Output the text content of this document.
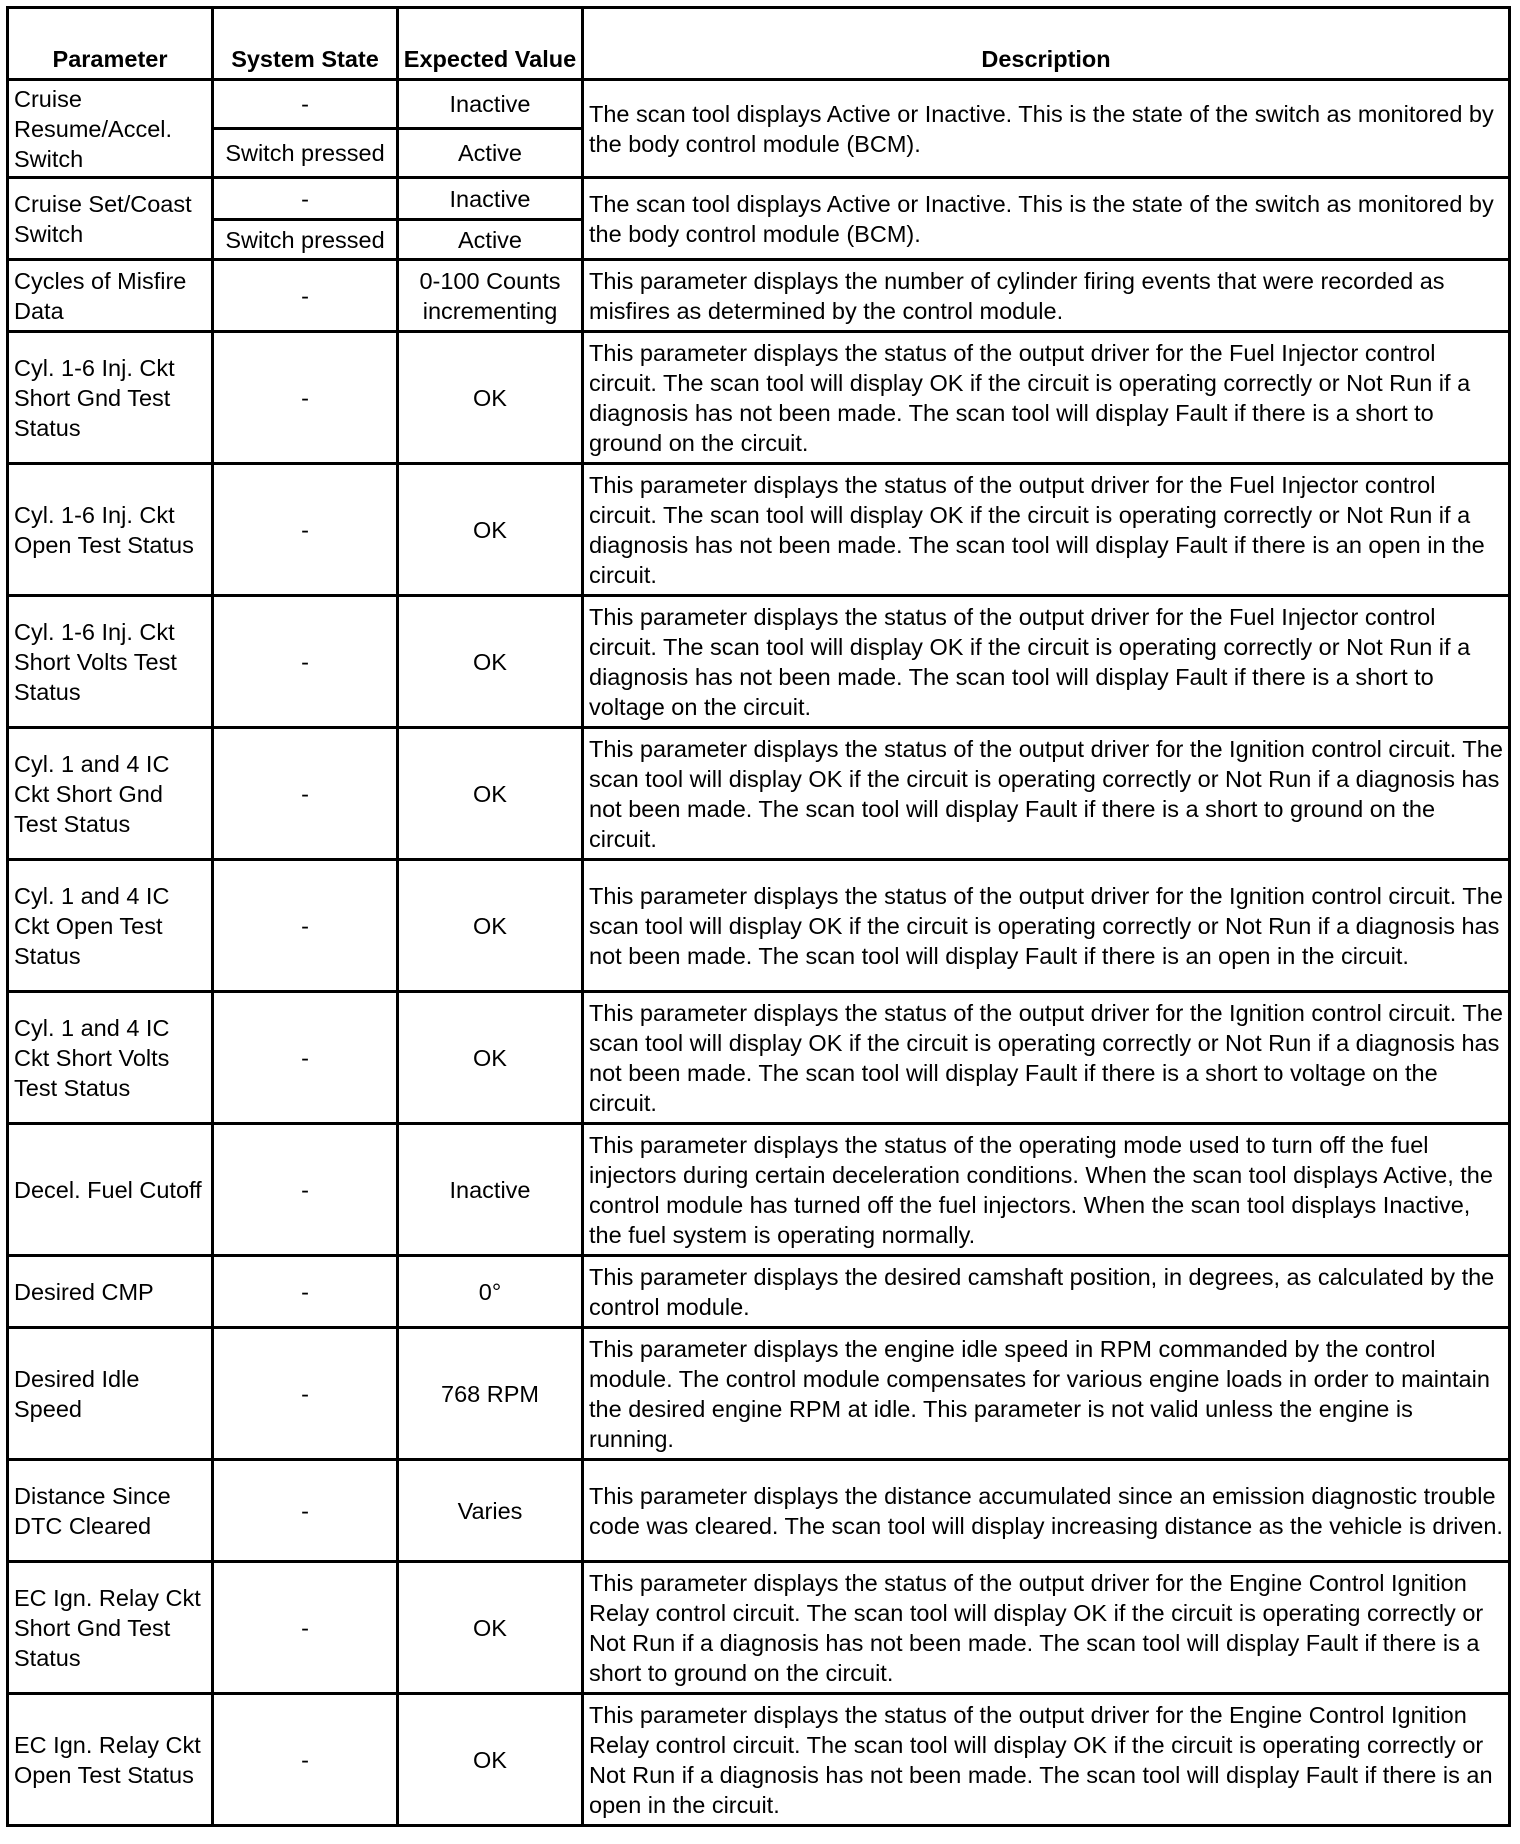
Parameter	System State	Expected Value	Description
Cruise Resume/Accel. Switch	-	Inactive	The scan tool displays Active or Inactive. This is the state of the switch as monitored by the body control module (BCM).
	Switch pressed	Active	
Cruise Set/Coast Switch	-	Inactive	The scan tool displays Active or Inactive. This is the state of the switch as monitored by the body control module (BCM).
	Switch pressed	Active	
Cycles of Misfire Data	-	0-100 Counts incrementing	This parameter displays the number of cylinder firing events that were recorded as misfires as determined by the control module.
Cyl. 1-6 Inj. Ckt Short Gnd Test Status	-	OK	This parameter displays the status of the output driver for the Fuel Injector control circuit. The scan tool will display OK if the circuit is operating correctly or Not Run if a diagnosis has not been made. The scan tool will display Fault if there is a short to ground on the circuit.
Cyl. 1-6 Inj. Ckt Open Test Status	-	OK	This parameter displays the status of the output driver for the Fuel Injector control circuit. The scan tool will display OK if the circuit is operating correctly or Not Run if a diagnosis has not been made. The scan tool will display Fault if there is an open in the circuit.
Cyl. 1-6 Inj. Ckt Short Volts Test Status	-	OK	This parameter displays the status of the output driver for the Fuel Injector control circuit. The scan tool will display OK if the circuit is operating correctly or Not Run if a diagnosis has not been made. The scan tool will display Fault if there is a short to voltage on the circuit.
Cyl. 1 and 4 IC Ckt Short Gnd Test Status	-	OK	This parameter displays the status of the output driver for the Ignition control circuit. The scan tool will display OK if the circuit is operating correctly or Not Run if a diagnosis has not been made. The scan tool will display Fault if there is a short to ground on the circuit.
Cyl. 1 and 4 IC Ckt Open Test Status	-	OK	This parameter displays the status of the output driver for the Ignition control circuit. The scan tool will display OK if the circuit is operating correctly or Not Run if a diagnosis has not been made. The scan tool will display Fault if there is an open in the circuit.
Cyl. 1 and 4 IC Ckt Short Volts Test Status	-	OK	This parameter displays the status of the output driver for the Ignition control circuit. The scan tool will display OK if the circuit is operating correctly or Not Run if a diagnosis has not been made. The scan tool will display Fault if there is a short to voltage on the circuit.
Decel. Fuel Cutoff	-	Inactive	This parameter displays the status of the operating mode used to turn off the fuel injectors during certain deceleration conditions. When the scan tool displays Active, the control module has turned off the fuel injectors. When the scan tool displays Inactive, the fuel system is operating normally.
Desired CMP	-	0°	This parameter displays the desired camshaft position, in degrees, as calculated by the control module.
Desired Idle Speed	-	768 RPM	This parameter displays the engine idle speed in RPM commanded by the control module. The control module compensates for various engine loads in order to maintain the desired engine RPM at idle. This parameter is not valid unless the engine is running.
Distance Since DTC Cleared	-	Varies	This parameter displays the distance accumulated since an emission diagnostic trouble code was cleared. The scan tool will display increasing distance as the vehicle is driven.
EC Ign. Relay Ckt Short Gnd Test Status	-	OK	This parameter displays the status of the output driver for the Engine Control Ignition Relay control circuit. The scan tool will display OK if the circuit is operating correctly or Not Run if a diagnosis has not been made. The scan tool will display Fault if there is a short to ground on the circuit.
EC Ign. Relay Ckt Open Test Status	-	OK	This parameter displays the status of the output driver for the Engine Control Ignition Relay control circuit. The scan tool will display OK if the circuit is operating correctly or Not Run if a diagnosis has not been made. The scan tool will display Fault if there is an open in the circuit.
